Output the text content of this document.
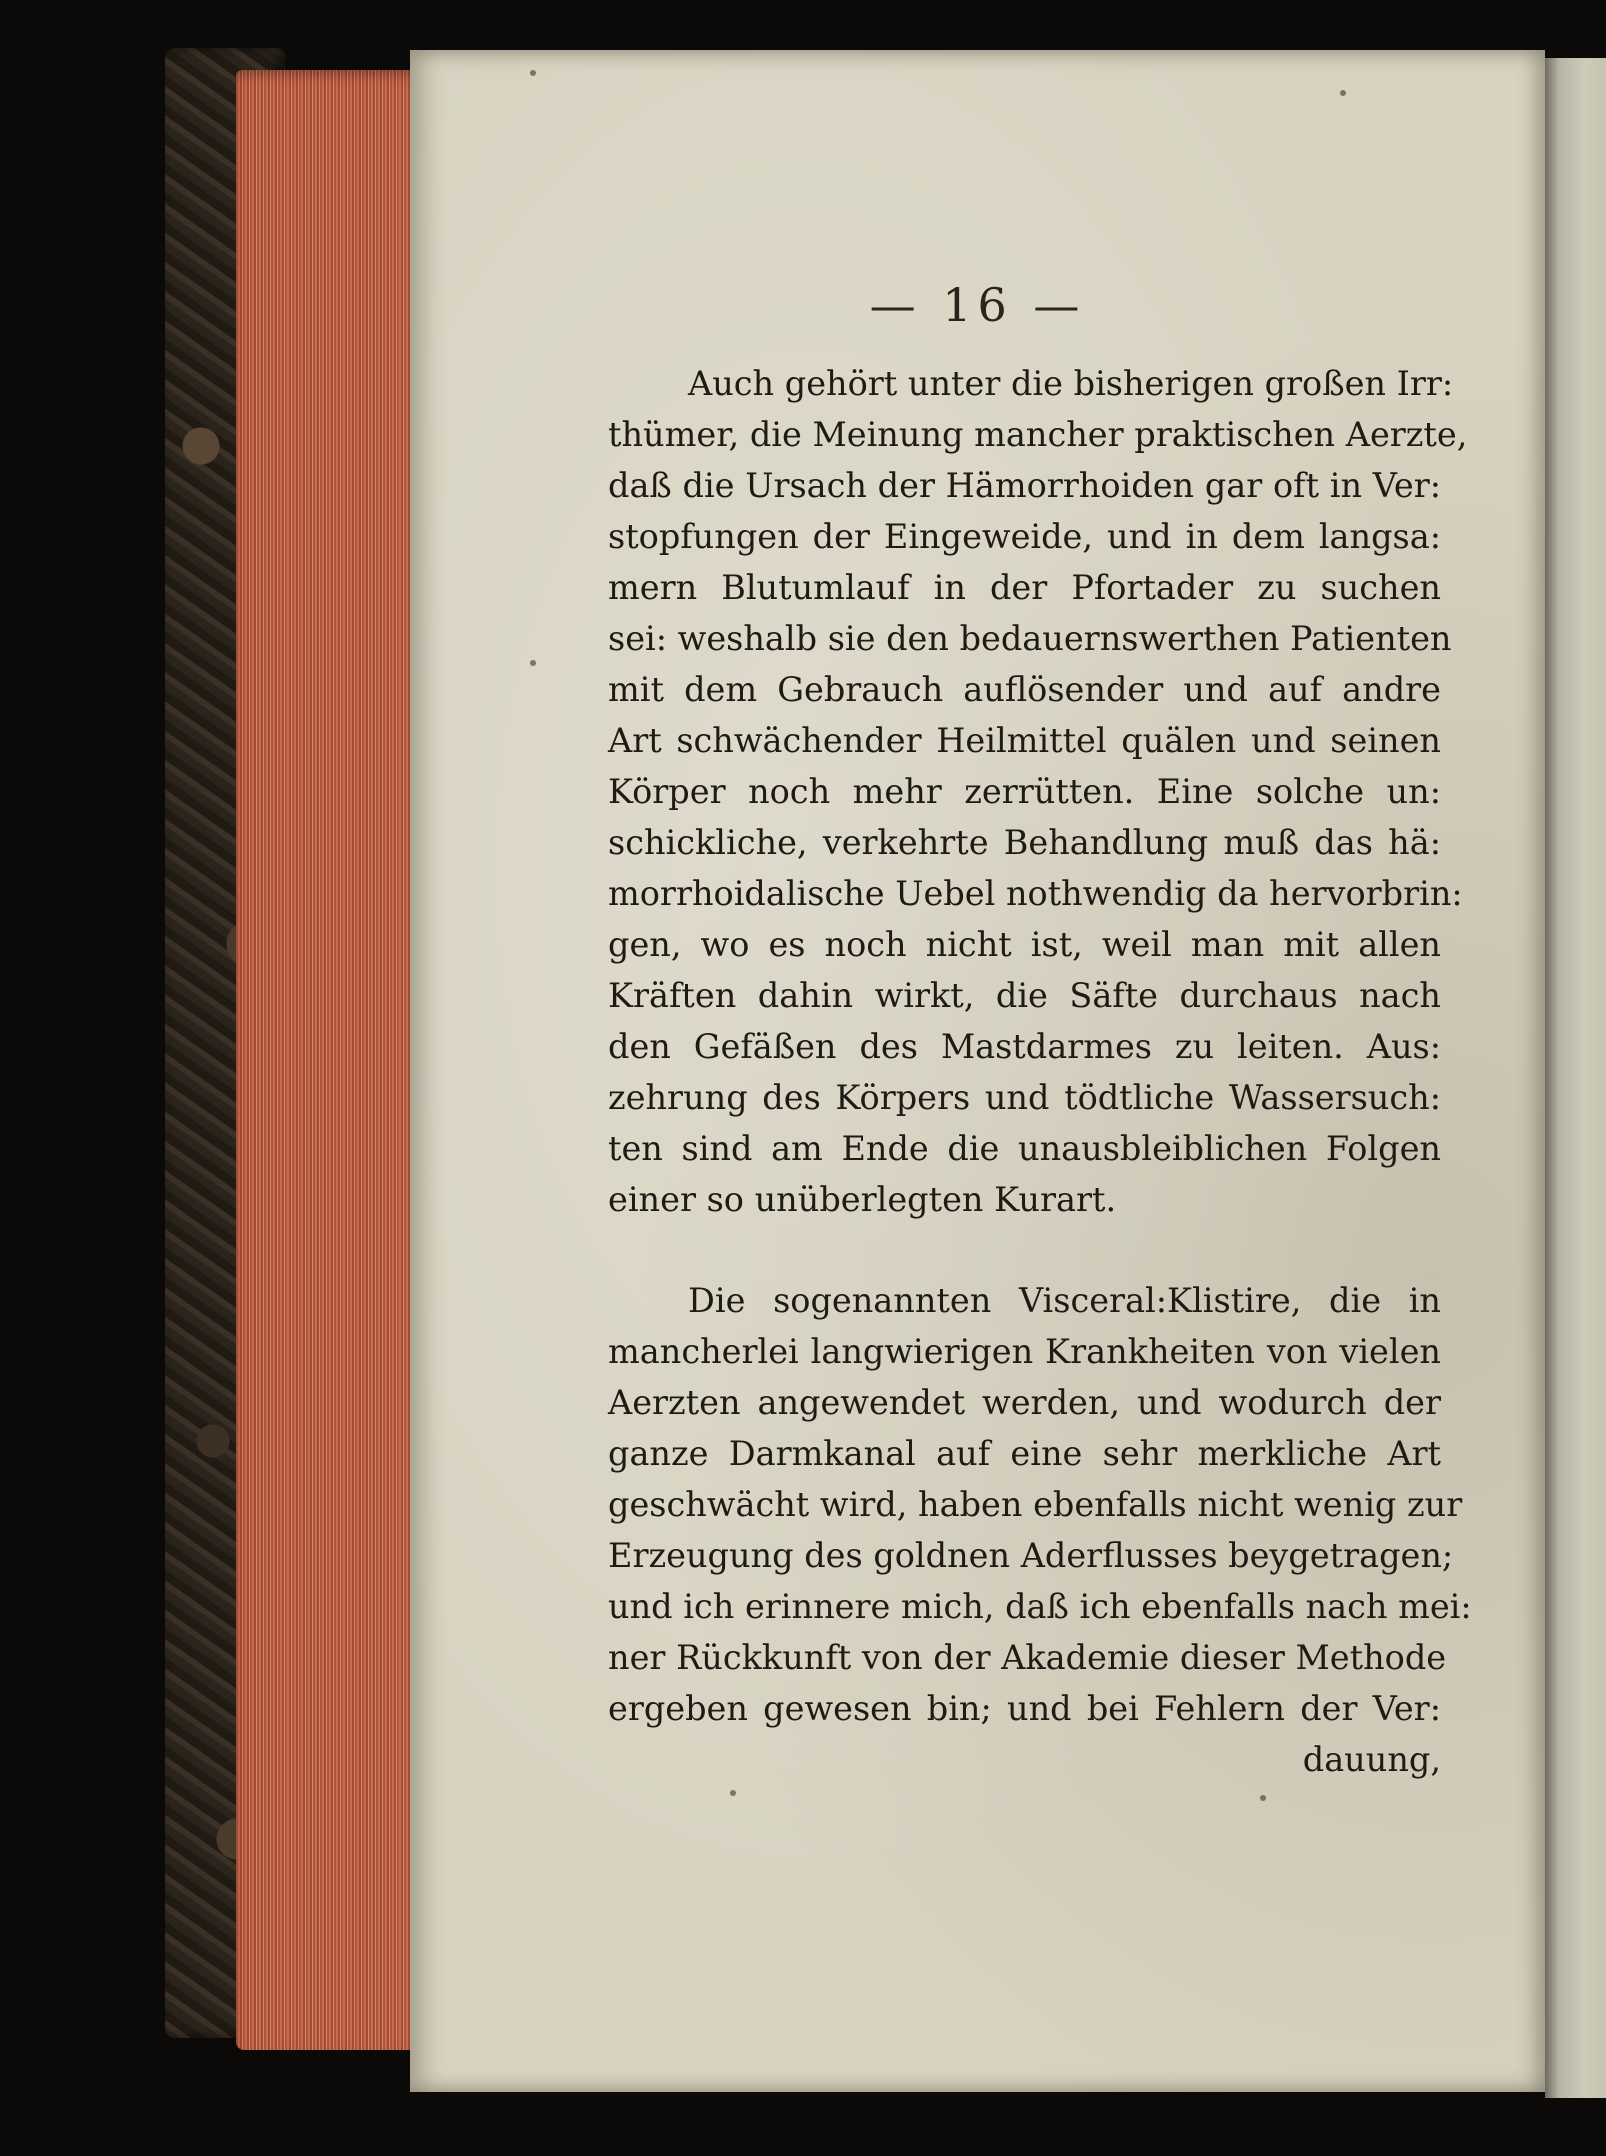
— 16 —
Auch gehört unter die bisherigen großen Irr:
thümer, die Meinung mancher praktischen Aerzte,
daß die Ursach der Hämorrhoiden gar oft in Ver:
stopfungen der Eingeweide, und in dem langsa:
mern Blutumlauf in der Pfortader zu suchen
sei: weshalb sie den bedauernswerthen Patienten
mit dem Gebrauch auflösender und auf andre
Art schwächender Heilmittel quälen und seinen
Körper noch mehr zerrütten. Eine solche un:
schickliche, verkehrte Behandlung muß das hä:
morrhoidalische Uebel nothwendig da hervorbrin:
gen, wo es noch nicht ist, weil man mit allen
Kräften dahin wirkt, die Säfte durchaus nach
den Gefäßen des Mastdarmes zu leiten. Aus:
zehrung des Körpers und tödtliche Wassersuch:
ten sind am Ende die unausbleiblichen Folgen
einer so unüberlegten Kurart.
Die sogenannten Visceral:Klistire, die in
mancherlei langwierigen Krankheiten von vielen
Aerzten angewendet werden, und wodurch der
ganze Darmkanal auf eine sehr merkliche Art
geschwächt wird, haben ebenfalls nicht wenig zur
Erzeugung des goldnen Aderflusses beygetragen;
und ich erinnere mich, daß ich ebenfalls nach mei:
ner Rückkunft von der Akademie dieser Methode
ergeben gewesen bin; und bei Fehlern der Ver:
dauung,
